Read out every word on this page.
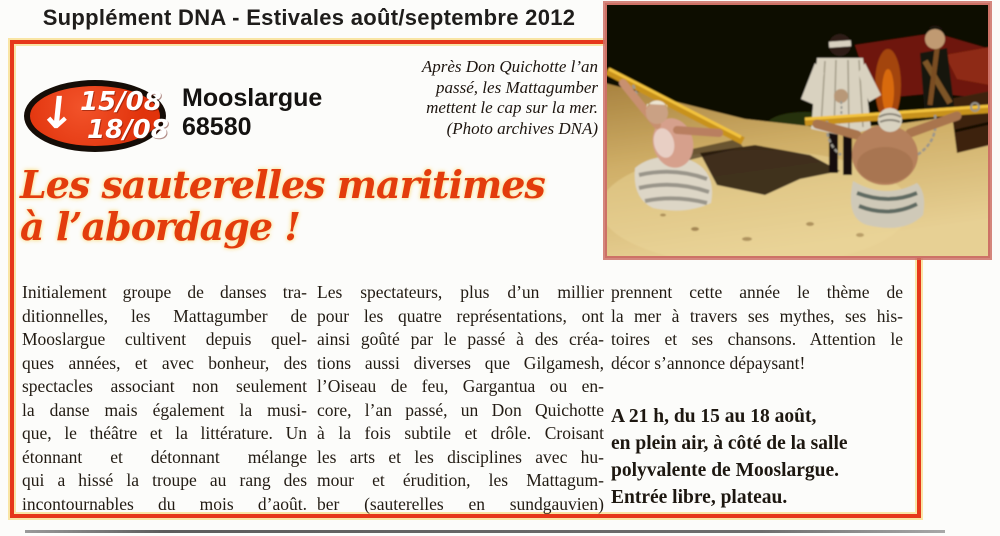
Supplément DNA - Estivales août/septembre 2012
↓ 15/08
18/08
Mooslargue
68580
Après Don Quichotte l’an
passé, les Mattagumber
mettent le cap sur la mer.
(Photo archives DNA)
Les sauterelles maritimes
à l’abordage !
Initialement groupe de danses tra-
ditionnelles, les Mattagumber de
Mooslargue cultivent depuis quel-
ques années, et avec bonheur, des
spectacles associant non seulement
la danse mais également la musi-
que, le théâtre et la littérature. Un
étonnant et détonnant mélange
qui a hissé la troupe au rang des
incontournables du mois d’août.
Les spectateurs, plus d’un millier
pour les quatre représentations, ont
ainsi goûté par le passé à des créa-
tions aussi diverses que Gilgamesh,
l’Oiseau de feu, Gargantua ou en-
core, l’an passé, un Don Quichotte
à la fois subtile et drôle. Croisant
les arts et les disciplines avec hu-
mour et érudition, les Mattagum-
ber (sauterelles en sundgauvien)
prennent cette année le thème de
la mer à travers ses mythes, ses his-
toires et ses chansons. Attention le
décor s’annonce dépaysant!
A 21 h, du 15 au 18 août,
en plein air, à côté de la salle
polyvalente de Mooslargue.
Entrée libre, plateau.
